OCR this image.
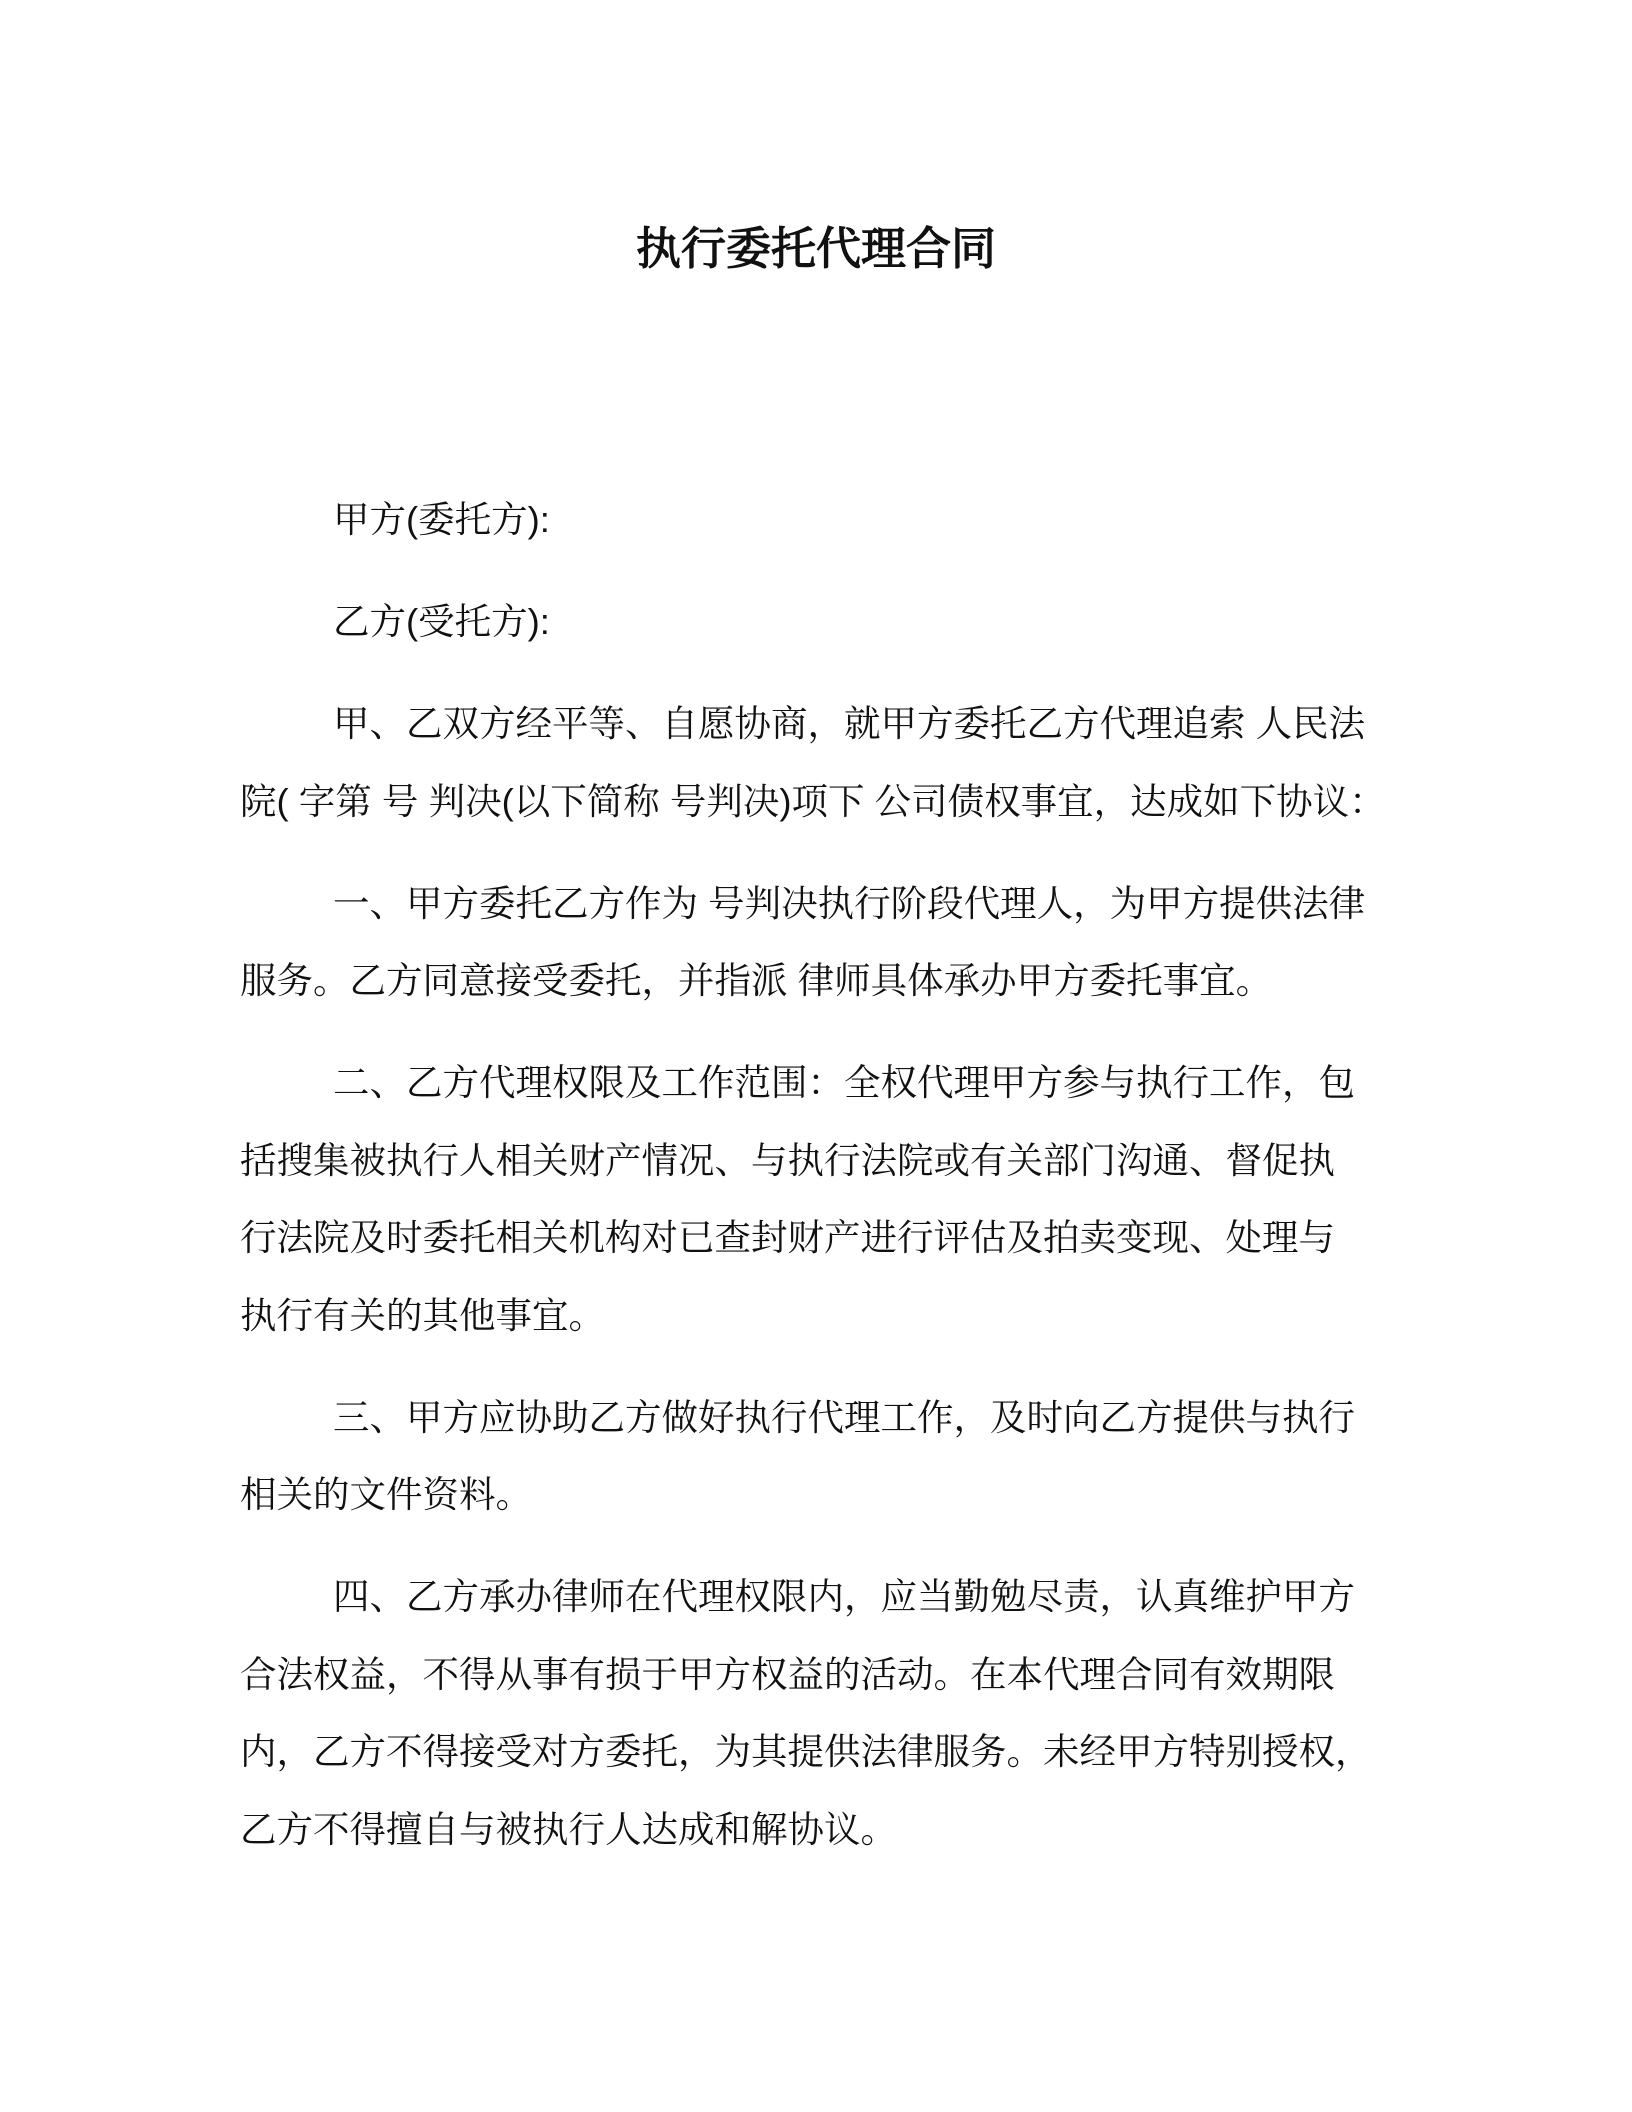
执行委托代理合同
甲方(委托方):
乙方(受托方):
甲、乙双方经平等、自愿协商，就甲方委托乙方代理追索 人民法
院( 字第 号 判决(以下简称 号判决)项下 公司债权事宜，达成如下协议：
一、甲方委托乙方作为 号判决执行阶段代理人，为甲方提供法律
服务。乙方同意接受委托，并指派 律师具体承办甲方委托事宜。
二、乙方代理权限及工作范围：全权代理甲方参与执行工作，包
括搜集被执行人相关财产情况、与执行法院或有关部门沟通、督促执
行法院及时委托相关机构对已查封财产进行评估及拍卖变现、处理与
执行有关的其他事宜。
三、甲方应协助乙方做好执行代理工作，及时向乙方提供与执行
相关的文件资料。
四、乙方承办律师在代理权限内，应当勤勉尽责，认真维护甲方
合法权益，不得从事有损于甲方权益的活动。在本代理合同有效期限
内，乙方不得接受对方委托，为其提供法律服务。未经甲方特别授权，
乙方不得擅自与被执行人达成和解协议。
